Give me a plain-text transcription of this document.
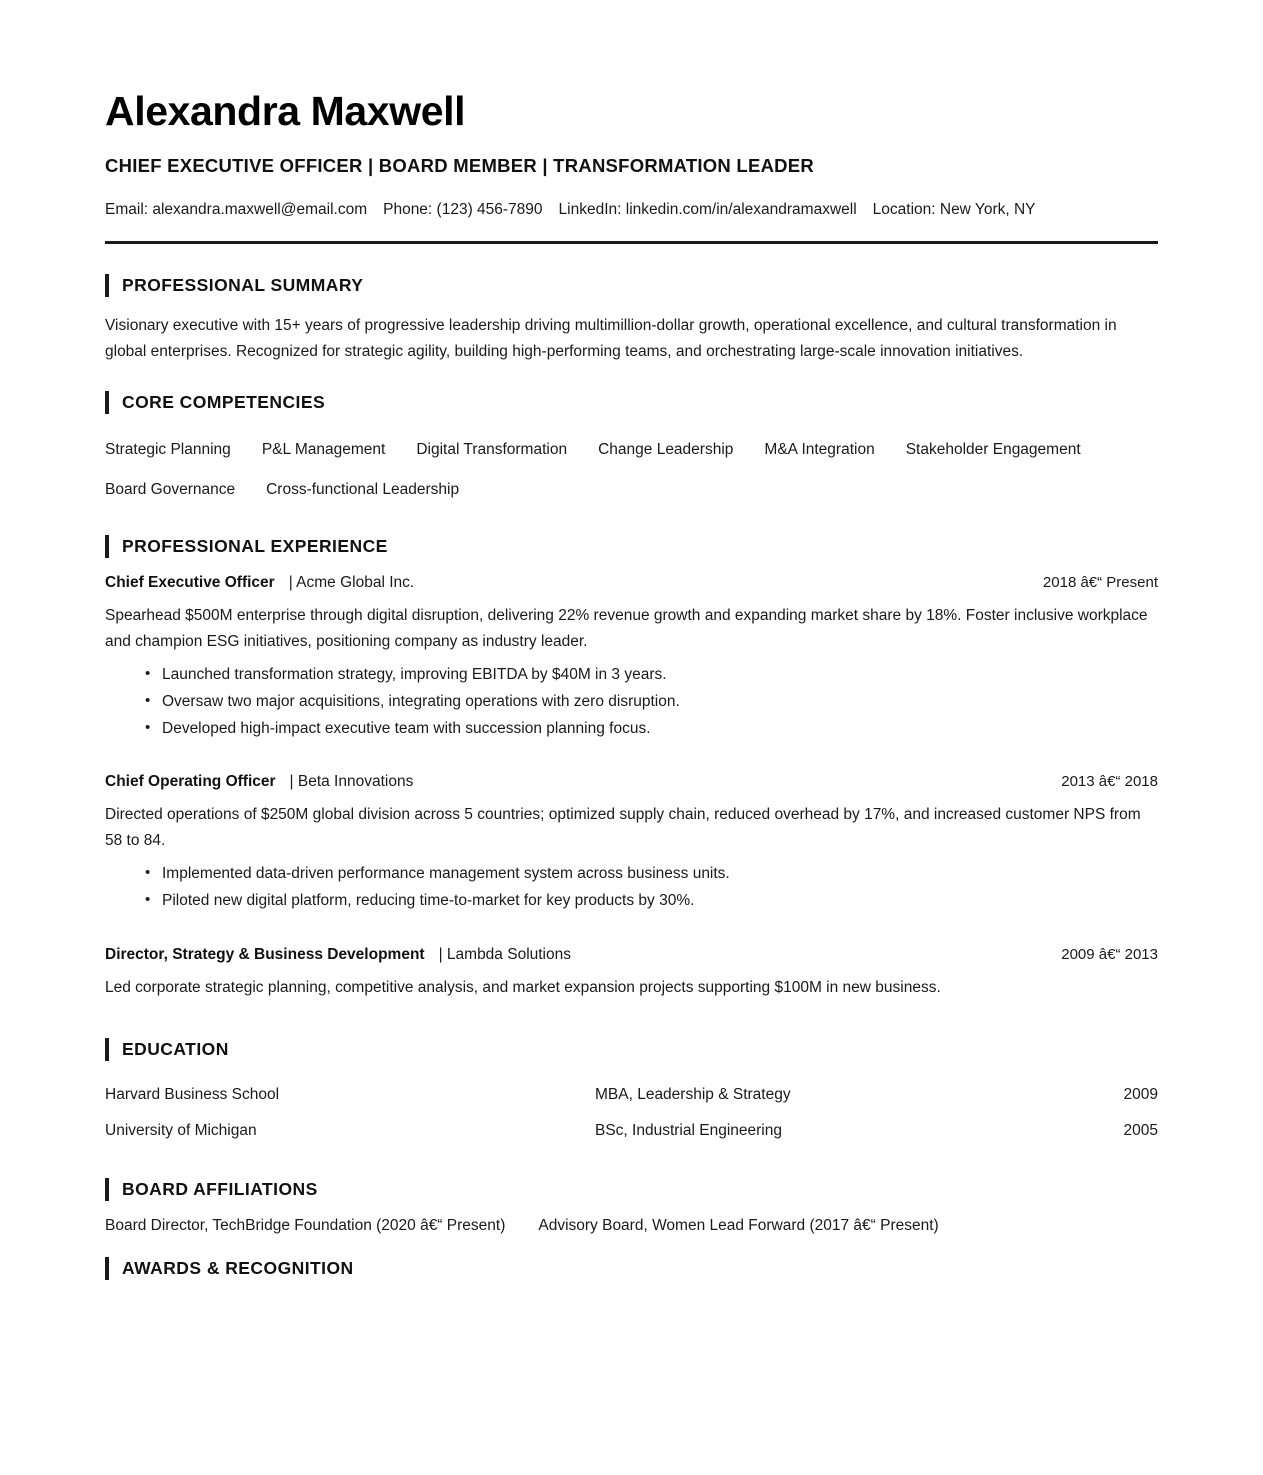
Alexandra Maxwell
CHIEF EXECUTIVE OFFICER | BOARD MEMBER | TRANSFORMATION LEADER
Email: alexandra.maxwell@email.com Phone: (123) 456-7890 LinkedIn: linkedin.com/in/alexandramaxwell Location: New York, NY
PROFESSIONAL SUMMARY

Visionary executive with 15+ years of progressive leadership driving multimillion-dollar growth, operational excellence, and cultural transformation in global enterprises. Recognized for strategic agility, building high-performing teams, and orchestrating large-scale innovation initiatives.

CORE COMPETENCIES
Strategic Planning P&L Management Digital Transformation Change Leadership M&A Integration Stakeholder Engagement
Board Governance Cross-functional Leadership
PROFESSIONAL EXPERIENCE
Chief Executive Officer | Acme Global Inc.	2018 â€“ Present

Spearhead $500M enterprise through digital disruption, delivering 22% revenue growth and expanding market share by 18%. Foster inclusive workplace and champion ESG initiatives, positioning company as industry leader.

• Launched transformation strategy, improving EBITDA by $40M in 3 years.
• Oversaw two major acquisitions, integrating operations with zero disruption.
• Developed high-impact executive team with succession planning focus.
Chief Operating Officer | Beta Innovations	2013 â€“ 2018

Directed operations of $250M global division across 5 countries; optimized supply chain, reduced overhead by 17%, and increased customer NPS from 58 to 84.

• Implemented data-driven performance management system across business units.
• Piloted new digital platform, reducing time-to-market for key products by 30%.
Director, Strategy & Business Development | Lambda Solutions	2009 â€“ 2013

Led corporate strategic planning, competitive analysis, and market expansion projects supporting $100M in new business.

EDUCATION
Harvard Business School	MBA, Leadership & Strategy	2009
University of Michigan	BSc, Industrial Engineering	2005
BOARD AFFILIATIONS
Board Director, TechBridge Foundation (2020 â€“ Present) Advisory Board, Women Lead Forward (2017 â€“ Present)
AWARDS & RECOGNITION
